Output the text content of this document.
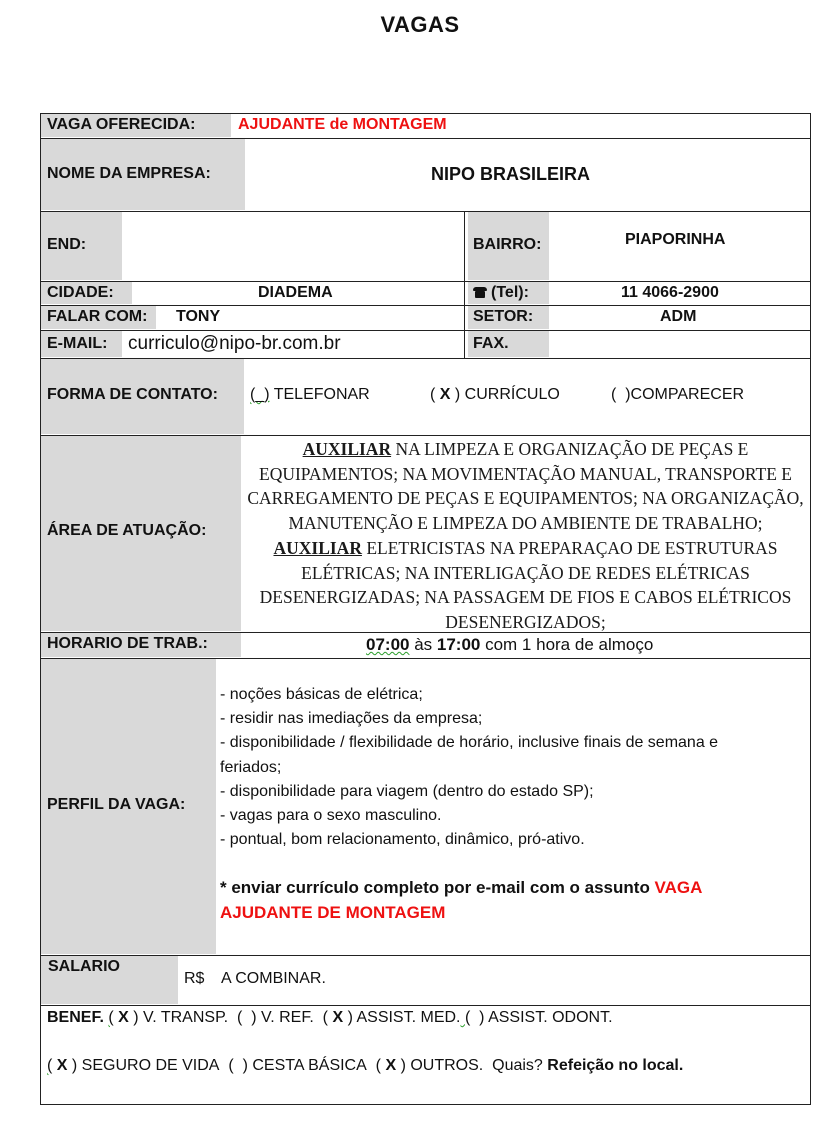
VAGAS
VAGA OFERECIDA:	AJUDANTE de MONTAGEM
NOME DA EMPRESA:	NIPO BRASILEIRA
END:	BAIRRO:	PIAPORINHA
CIDADE:	DIADEMA	(Tel):	11 4066-2900
FALAR COM: TONY	SETOR:	ADM
E-MAIL: curriculo@nipo-br.com.br	FAX.
FORMA DE CONTATO: (_) TELEFONAR	( X ) CURRÍCULO	(  )COMPARECER
ÁREA DE ATUAÇÃO:
AUXILIAR NA LIMPEZA E ORGANIZAÇÃO DE PEÇAS E EQUIPAMENTOS; NA MOVIMENTAÇÃO MANUAL, TRANSPORTE E CARREGAMENTO DE PEÇAS E EQUIPAMENTOS; NA ORGANIZAÇÃO, MANUTENÇÃO E LIMPEZA DO AMBIENTE DE TRABALHO; AUXILIAR ELETRICISTAS NA PREPARAÇAO DE ESTRUTURAS ELÉTRICAS; NA INTERLIGAÇÃO DE REDES ELÉTRICAS DESENERGIZADAS; NA PASSAGEM DE FIOS E CABOS ELÉTRICOS DESENERGIZADOS;
HORARIO DE TRAB.:	07:00 às 17:00 com 1 hora de almoço
PERFIL DA VAGA:
- noções básicas de elétrica;
- residir nas imediações da empresa;
- disponibilidade / flexibilidade de horário, inclusive finais de semana e
feriados;
- disponibilidade para viagem (dentro do estado SP);
- vagas para o sexo masculino.
- pontual, bom relacionamento, dinâmico, pró-ativo.
* enviar currículo completo por e-mail com o assunto VAGA
AJUDANTE DE MONTAGEM
SALARIO
R$ A COMBINAR.
BENEF. ( X ) V. TRANSP. (  ) V. REF. ( X ) ASSIST. MED. (  ) ASSIST. ODONT.
( X ) SEGURO DE VIDA (  ) CESTA BÁSICA ( X ) OUTROS. Quais? Refeição no local.
